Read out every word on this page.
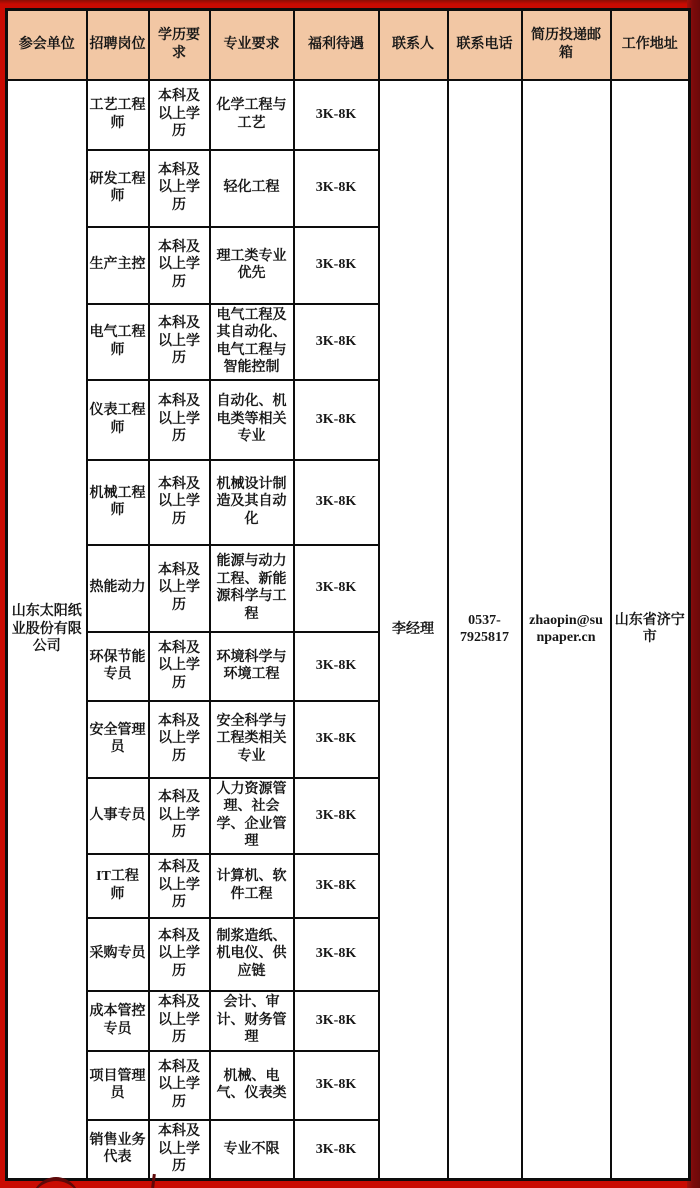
参会单位	招聘岗位	学历要求	专业要求	福利待遇	联系人	联系电话	简历投递邮箱	工作地址
山东太阳纸业股份有限公司	工艺工程师	本科及以上学历	化学工程与工艺	3K-8K	李经理	0537-7925817	zhaopin@sunpaper.cn	山东省济宁市
	研发工程师	本科及以上学历	轻化工程	3K-8K				
	生产主控	本科及以上学历	理工类专业优先	3K-8K				
	电气工程师	本科及以上学历	电气工程及其自动化、电气工程与智能控制	3K-8K				
	仪表工程师	本科及以上学历	自动化、机电类等相关专业	3K-8K				
	机械工程师	本科及以上学历	机械设计制造及其自动化	3K-8K				
	热能动力	本科及以上学历	能源与动力工程、新能源科学与工程	3K-8K				
	环保节能专员	本科及以上学历	环境科学与环境工程	3K-8K				
	安全管理员	本科及以上学历	安全科学与工程类相关专业	3K-8K				
	人事专员	本科及以上学历	人力资源管理、社会学、企业管理	3K-8K				
	IT工程师	本科及以上学历	计算机、软件工程	3K-8K				
	采购专员	本科及以上学历	制浆造纸、机电仪、供应链	3K-8K				
	成本管控专员	本科及以上学历	会计、审计、财务管理	3K-8K				
	项目管理员	本科及以上学历	机械、电气、仪表类	3K-8K				
	销售业务代表	本科及以上学历	专业不限	3K-8K				
